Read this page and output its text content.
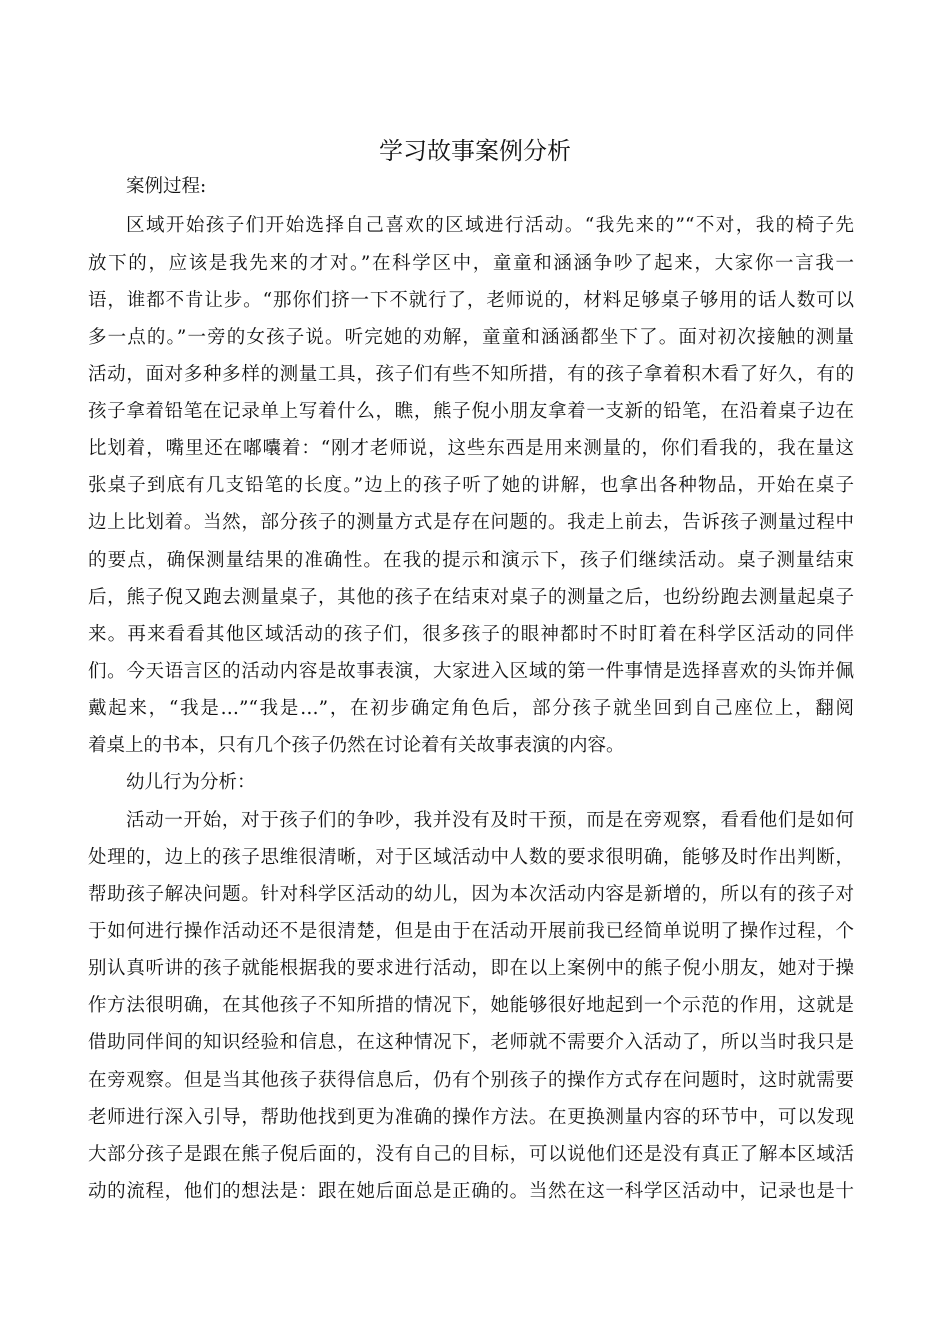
学习故事案例分析
案例过程:
区域开始孩子们开始选择自己喜欢的区域进行活动。“我先来的”“不对，我的椅子先
放下的，应该是我先来的才对。”在科学区中，童童和涵涵争吵了起来，大家你一言我一
语，谁都不肯让步。“那你们挤一下不就行了，老师说的，材料足够桌子够用的话人数可以
多一点的。”一旁的女孩子说。听完她的劝解，童童和涵涵都坐下了。面对初次接触的测量
活动，面对多种多样的测量工具，孩子们有些不知所措，有的孩子拿着积木看了好久，有的
孩子拿着铅笔在记录单上写着什么，瞧，熊子倪小朋友拿着一支新的铅笔，在沿着桌子边在
比划着，嘴里还在嘟囔着：“刚才老师说，这些东西是用来测量的，你们看我的，我在量这
张桌子到底有几支铅笔的长度。”边上的孩子听了她的讲解，也拿出各种物品，开始在桌子
边上比划着。当然，部分孩子的测量方式是存在问题的。我走上前去，告诉孩子测量过程中
的要点，确保测量结果的准确性。在我的提示和演示下，孩子们继续活动。桌子测量结束
后，熊子倪又跑去测量桌子，其他的孩子在结束对桌子的测量之后，也纷纷跑去测量起桌子
来。再来看看其他区域活动的孩子们，很多孩子的眼神都时不时盯着在科学区活动的同伴
们。今天语言区的活动内容是故事表演，大家进入区域的第一件事情是选择喜欢的头饰并佩
戴起来，“我是…”“我是…”，在初步确定角色后，部分孩子就坐回到自己座位上，翻阅
着桌上的书本，只有几个孩子仍然在讨论着有关故事表演的内容。
幼儿行为分析：
活动一开始，对于孩子们的争吵，我并没有及时干预，而是在旁观察，看看他们是如何
处理的，边上的孩子思维很清晰，对于区域活动中人数的要求很明确，能够及时作出判断，
帮助孩子解决问题。针对科学区活动的幼儿，因为本次活动内容是新增的，所以有的孩子对
于如何进行操作活动还不是很清楚，但是由于在活动开展前我已经简单说明了操作过程，个
别认真听讲的孩子就能根据我的要求进行活动，即在以上案例中的熊子倪小朋友，她对于操
作方法很明确，在其他孩子不知所措的情况下，她能够很好地起到一个示范的作用，这就是
借助同伴间的知识经验和信息，在这种情况下，老师就不需要介入活动了，所以当时我只是
在旁观察。但是当其他孩子获得信息后，仍有个别孩子的操作方式存在问题时，这时就需要
老师进行深入引导，帮助他找到更为准确的操作方法。在更换测量内容的环节中，可以发现
大部分孩子是跟在熊子倪后面的，没有自己的目标，可以说他们还是没有真正了解本区域活
动的流程，他们的想法是：跟在她后面总是正确的。当然在这一科学区活动中，记录也是十
